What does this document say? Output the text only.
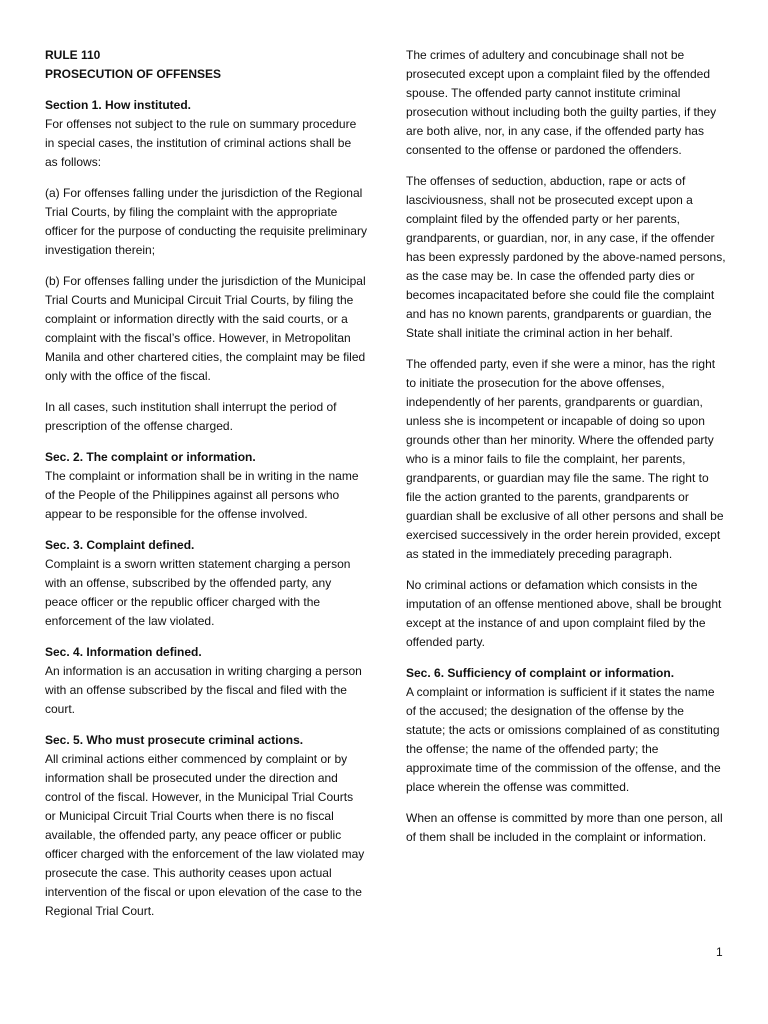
RULE 110

PROSECUTION OF OFFENSES

Section 1. How instituted.

For offenses not subject to the rule on summary procedure in special cases, the institution of criminal actions shall be as follows:

(a) For offenses falling under the jurisdiction of the Regional Trial Courts, by filing the complaint with the appropriate officer for the purpose of conducting the requisite preliminary investigation therein;

(b) For offenses falling under the jurisdiction of the Municipal Trial Courts and Municipal Circuit Trial Courts, by filing the complaint or information directly with the said courts, or a complaint with the fiscal’s office. However, in Metropolitan Manila and other chartered cities, the complaint may be filed only with the office of the fiscal.

In all cases, such institution shall interrupt the period of prescription of the offense charged.

Sec. 2. The complaint or information.

The complaint or information shall be in writing in the name of the People of the Philippines against all persons who appear to be responsible for the offense involved.

Sec. 3. Complaint defined.

Complaint is a sworn written statement charging a person with an offense, subscribed by the offended party, any peace officer or the republic officer charged with the enforcement of the law violated.

Sec. 4. Information defined.

An information is an accusation in writing charging a person with an offense subscribed by the fiscal and filed with the court.

Sec. 5. Who must prosecute criminal actions.

All criminal actions either commenced by complaint or by information shall be prosecuted under the direction and control of the fiscal. However, in the Municipal Trial Courts or Municipal Circuit Trial Courts when there is no fiscal available, the offended party, any peace officer or public officer charged with the enforcement of the law violated may prosecute the case. This authority ceases upon actual intervention of the fiscal or upon elevation of the case to the Regional Trial Court.

The crimes of adultery and concubinage shall not be prosecuted except upon a complaint filed by the offended spouse. The offended party cannot institute criminal prosecution without including both the guilty parties, if they are both alive, nor, in any case, if the offended party has consented to the offense or pardoned the offenders.

The offenses of seduction, abduction, rape or acts of lasciviousness, shall not be prosecuted except upon a complaint filed by the offended party or her parents, grandparents, or guardian, nor, in any case, if the offender has been expressly pardoned by the above-named persons, as the case may be. In case the offended party dies or becomes incapacitated before she could file the complaint and has no known parents, grandparents or guardian, the State shall initiate the criminal action in her behalf.

The offended party, even if she were a minor, has the right to initiate the prosecution for the above offenses, independently of her parents, grandparents or guardian, unless she is incompetent or incapable of doing so upon grounds other than her minority. Where the offended party who is a minor fails to file the complaint, her parents, grandparents, or guardian may file the same. The right to file the action granted to the parents, grandparents or guardian shall be exclusive of all other persons and shall be exercised successively in the order herein provided, except as stated in the immediately preceding paragraph.

No criminal actions or defamation which consists in the imputation of an offense mentioned above, shall be brought except at the instance of and upon complaint filed by the offended party.

Sec. 6. Sufficiency of complaint or information.

A complaint or information is sufficient if it states the name of the accused; the designation of the offense by the statute; the acts or omissions complained of as constituting the offense; the name of the offended party; the approximate time of the commission of the offense, and the place wherein the offense was committed.

When an offense is committed by more than one person, all of them shall be included in the complaint or information.

1
